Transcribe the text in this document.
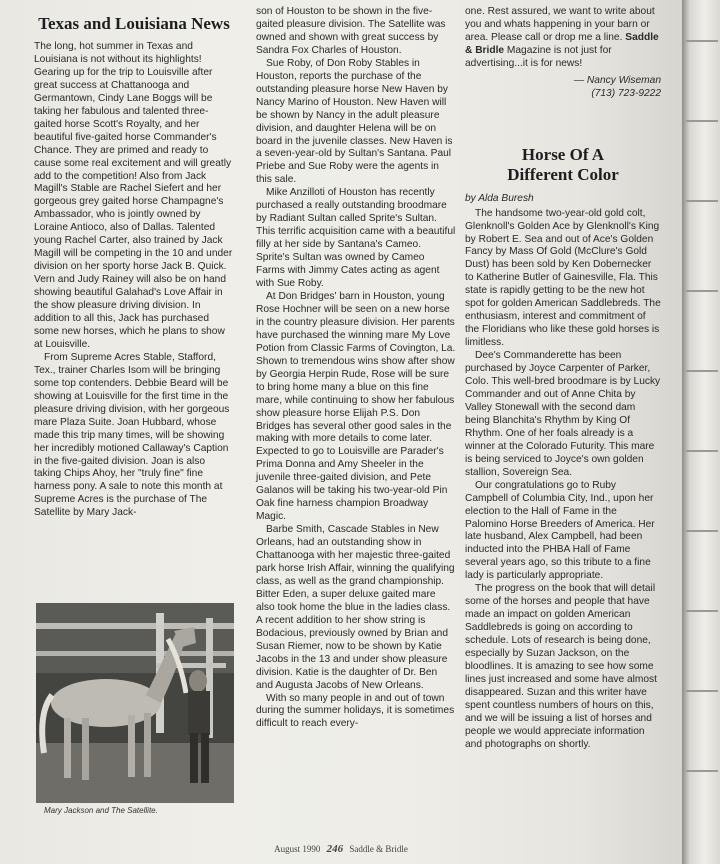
Texas and Louisiana News

The long, hot summer in Texas and Louisiana is not without its highlights! Gearing up for the trip to Louisville after great success at Chattanooga and Germantown, Cindy Lane Boggs will be taking her fabulous and talented three-gaited horse Scott's Royalty, and her beautiful five-gaited horse Commander's Chance. They are primed and ready to cause some real excitement and will greatly add to the competition! Also from Jack Magill's Stable are Rachel Siefert and her gorgeous grey gaited horse Champagne's Ambassador, who is jointly owned by Loraine Antioco, also of Dallas. Talented young Rachel Carter, also trained by Jack Magill will be competing in the 10 and under division on her sporty horse Jack B. Quick. Vern and Judy Rainey will also be on hand showing beautiful Galahad's Love Affair in the show pleasure driving division. In addition to all this, Jack has purchased some new horses, which he plans to show at Louisville.

From Supreme Acres Stable, Stafford, Tex., trainer Charles Isom will be bringing some top contenders. Debbie Beard will be showing at Louisville for the first time in the pleasure driving division, with her gorgeous mare Plaza Suite. Joan Hubbard, whose made this trip many times, will be showing her incredibly motioned Callaway's Caption in the five-gaited division. Joan is also taking Chips Ahoy, her "truly fine" fine harness pony. A sale to note this month at Supreme Acres is the purchase of The Satellite by Mary Jack-

Mary Jackson and The Satellite.

son of Houston to be shown in the five-gaited pleasure division. The Satellite was owned and shown with great success by Sandra Fox Charles of Houston.

Sue Roby, of Don Roby Stables in Houston, reports the purchase of the outstanding pleasure horse New Haven by Nancy Marino of Houston. New Haven will be shown by Nancy in the adult pleasure division, and daughter Helena will be on board in the juvenile classes. New Haven is a seven-year-old by Sultan's Santana. Paul Priebe and Sue Roby were the agents in this sale.

Mike Anzilloti of Houston has recently purchased a really outstanding broodmare by Radiant Sultan called Sprite's Sultan. This terrific acquisition came with a beautiful filly at her side by Santana's Cameo. Sprite's Sultan was owned by Cameo Farms with Jimmy Cates acting as agent with Sue Roby.

At Don Bridges' barn in Houston, young Rose Hochner will be seen on a new horse in the country pleasure division. Her parents have purchased the winning mare My Love Potion from Classic Farms of Covington, La. Shown to tremendous wins show after show by Georgia Herpin Rude, Rose will be sure to bring home many a blue on this fine mare, while continuing to show her fabulous show pleasure horse Elijah P.S. Don Bridges has several other good sales in the making with more details to come later. Expected to go to Louisville are Parader's Prima Donna and Amy Sheeler in the juvenile three-gaited division, and Pete Galanos will be taking his two-year-old Pin Oak fine harness champion Broadway Magic.

Barbe Smith, Cascade Stables in New Orleans, had an outstanding show in Chattanooga with her majestic three-gaited park horse Irish Affair, winning the qualifying class, as well as the grand championship. Bitter Eden, a super deluxe gaited mare also took home the blue in the ladies class. A recent addition to her show string is Bodacious, previously owned by Brian and Susan Riemer, now to be shown by Katie Jacobs in the 13 and under show pleasure division. Katie is the daughter of Dr. Ben and Augusta Jacobs of New Orleans.

With so many people in and out of town during the summer holidays, it is sometimes difficult to reach every-

one. Rest assured, we want to write about you and whats happening in your barn or area. Please call or drop me a line. Saddle & Bridle Magazine is not just for advertising...it is for news!

— Nancy Wiseman
(713) 723-9222
Horse Of A
Different Color
by Alda Buresh

The handsome two-year-old gold colt, Glenknoll's Golden Ace by Glenknoll's King by Robert E. Sea and out of Ace's Golden Fancy by Mass Of Gold (McClure's Gold Dust) has been sold by Ken Dobernecker to Katherine Butler of Gainesville, Fla. This state is rapidly getting to be the new hot spot for golden American Saddlebreds. The enthusiasm, interest and commitment of the Floridians who like these gold horses is limitless.

Dee's Commanderette has been purchased by Joyce Carpenter of Parker, Colo. This well-bred broodmare is by Lucky Commander and out of Anne Chita by Valley Stonewall with the second dam being Blanchita's Rhythm by King Of Rhythm. One of her foals already is a winner at the Colorado Futurity. This mare is being serviced to Joyce's own golden stallion, Sovereign Sea.

Our congratulations go to Ruby Campbell of Columbia City, Ind., upon her election to the Hall of Fame in the Palomino Horse Breeders of America. Her late husband, Alex Campbell, had been inducted into the PHBA Hall of Fame several years ago, so this tribute to a fine lady is particularly appropriate.

The progress on the book that will detail some of the horses and people that have made an impact on golden American Saddlebreds is going on according to schedule. Lots of research is being done, especially by Suzan Jackson, on the bloodlines. It is amazing to see how some lines just increased and some have almost disappeared. Suzan and this writer have spent countless numbers of hours on this, and we will be issuing a list of horses and people we would appreciate information and photographs on shortly.

August 1990 246 Saddle & Bridle
